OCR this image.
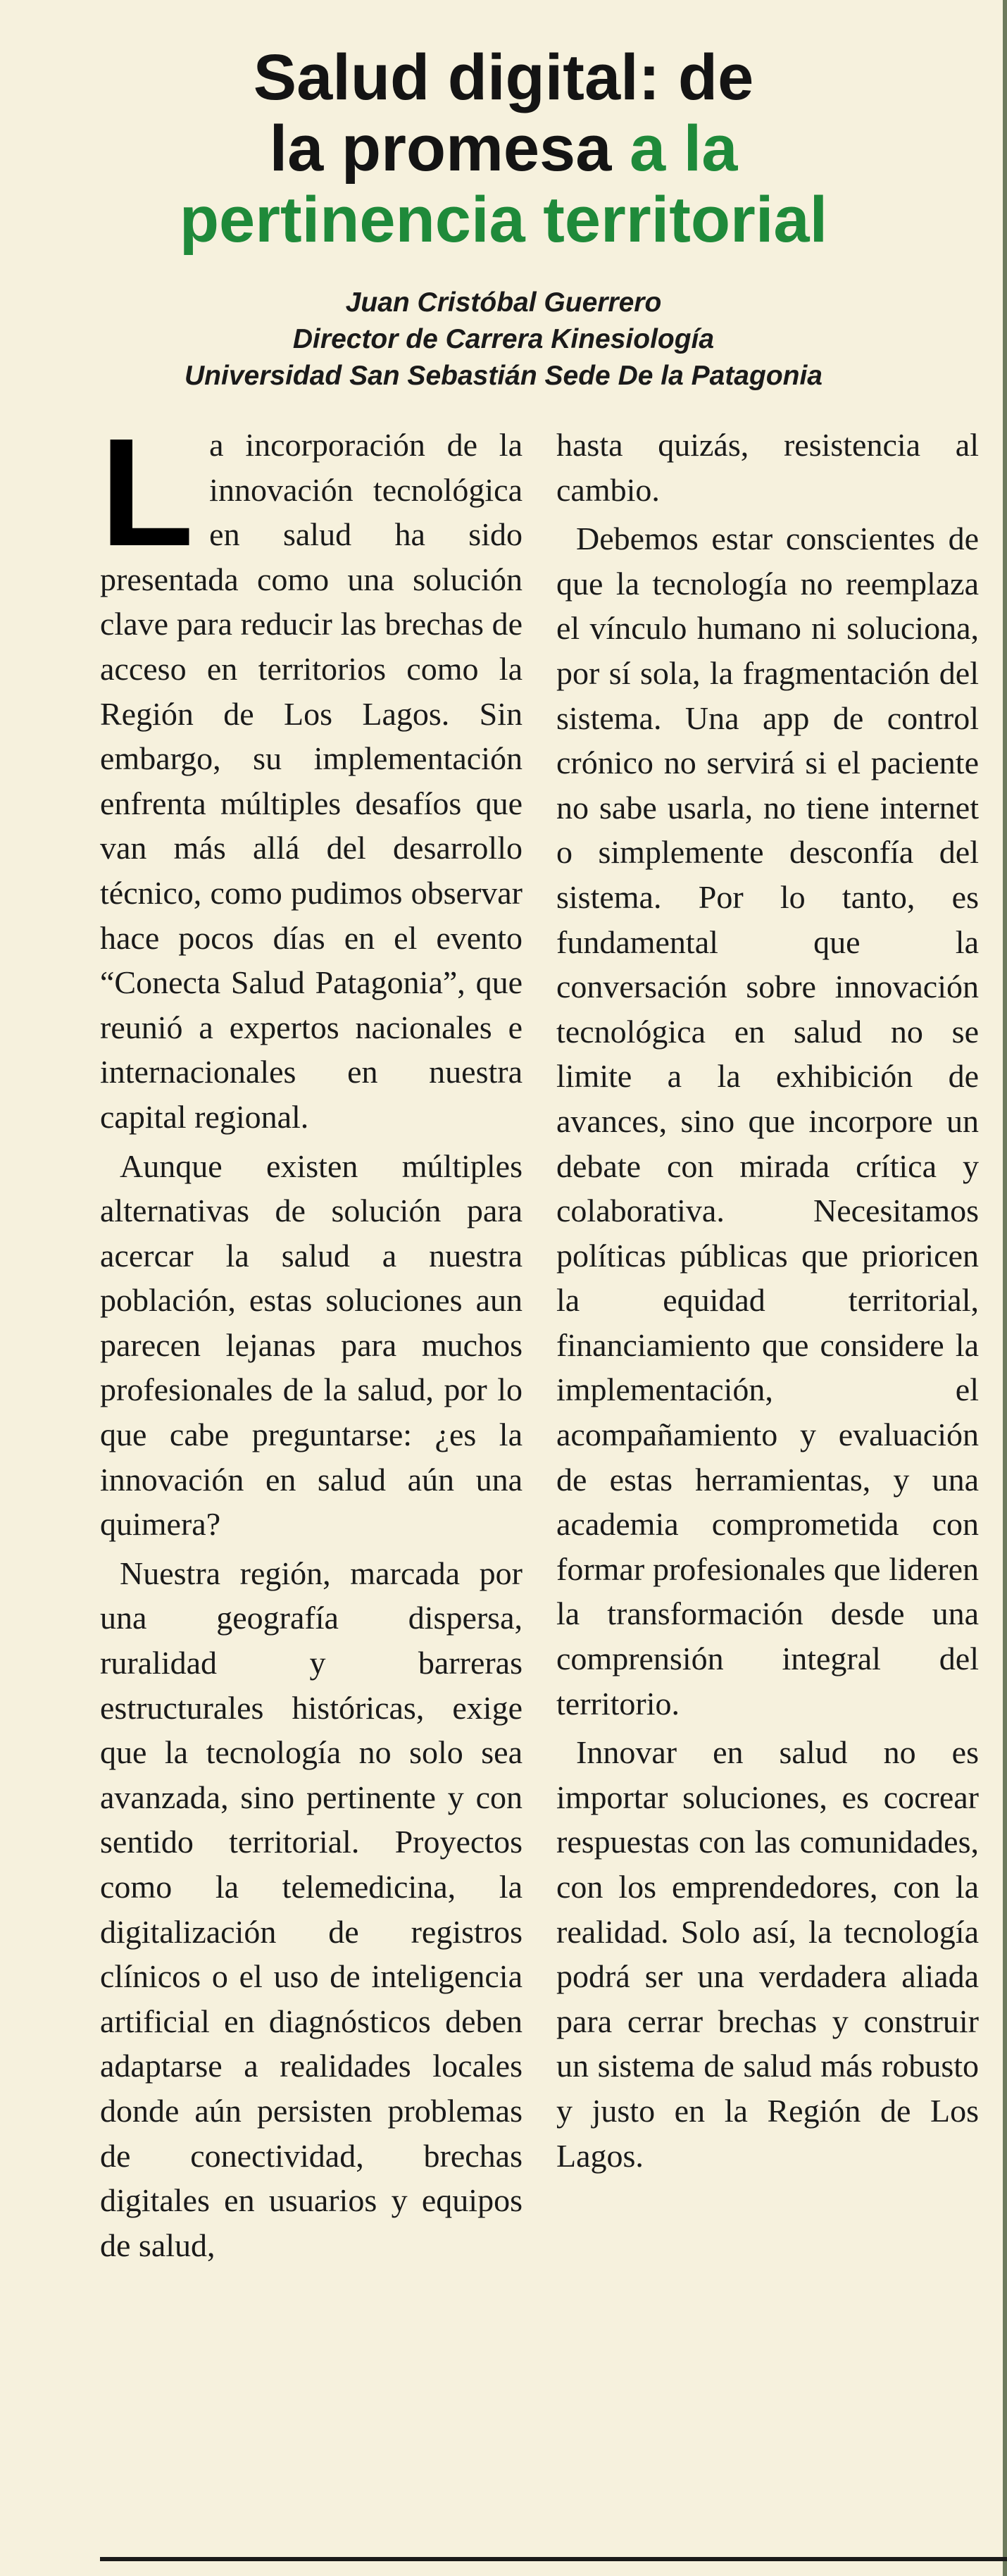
Salud digital: de
la promesa a la
pertinencia territorial
Juan Cristóbal Guerrero
Director de Carrera Kinesiología
Universidad San Sebastián Sede De la Patagonia

La incorporación de la innovación tecnológica en salud ha sido presentada como una solución clave para reducir las brechas de acceso en territorios como la Región de Los Lagos. Sin embargo, su implementación enfrenta múltiples desafíos que van más allá del desarrollo técnico, como pudimos observar hace pocos días en el evento “Conecta Salud Patagonia”, que reunió a expertos nacionales e internacionales en nuestra capital regional.

Aunque existen múltiples alternativas de solución para acercar la salud a nuestra población, estas soluciones aun parecen lejanas para muchos profesionales de la salud, por lo que cabe preguntarse: ¿es la innovación en salud aún una quimera?

Nuestra región, marcada por una geografía dispersa, ruralidad y barreras estructurales históricas, exige que la tecnología no solo sea avanzada, sino pertinente y con sentido territorial. Proyectos como la telemedicina, la digitalización de registros clínicos o el uso de inteligencia artificial en diagnósticos deben adaptarse a realidades locales donde aún persisten problemas de conectividad, brechas digitales en usuarios y equipos de salud,

hasta quizás, resistencia al cambio.

Debemos estar conscientes de que la tecnología no reemplaza el vínculo humano ni soluciona, por sí sola, la fragmentación del sistema. Una app de control crónico no servirá si el paciente no sabe usarla, no tiene internet o simplemente desconfía del sistema. Por lo tanto, es fundamental que la conversación sobre innovación tecnológica en salud no se limite a la exhibición de avances, sino que incorpore un debate con mirada crítica y colaborativa. Necesitamos políticas públicas que prioricen la equidad territorial, financiamiento que considere la implementación, el acompañamiento y evaluación de estas herramientas, y una academia comprometida con formar profesionales que lideren la transformación desde una comprensión integral del territorio.

Innovar en salud no es importar soluciones, es cocrear respuestas con las comunidades, con los emprendedores, con la realidad. Solo así, la tecnología podrá ser una verdadera aliada para cerrar brechas y construir un sistema de salud más robusto y justo en la Región de Los Lagos.
